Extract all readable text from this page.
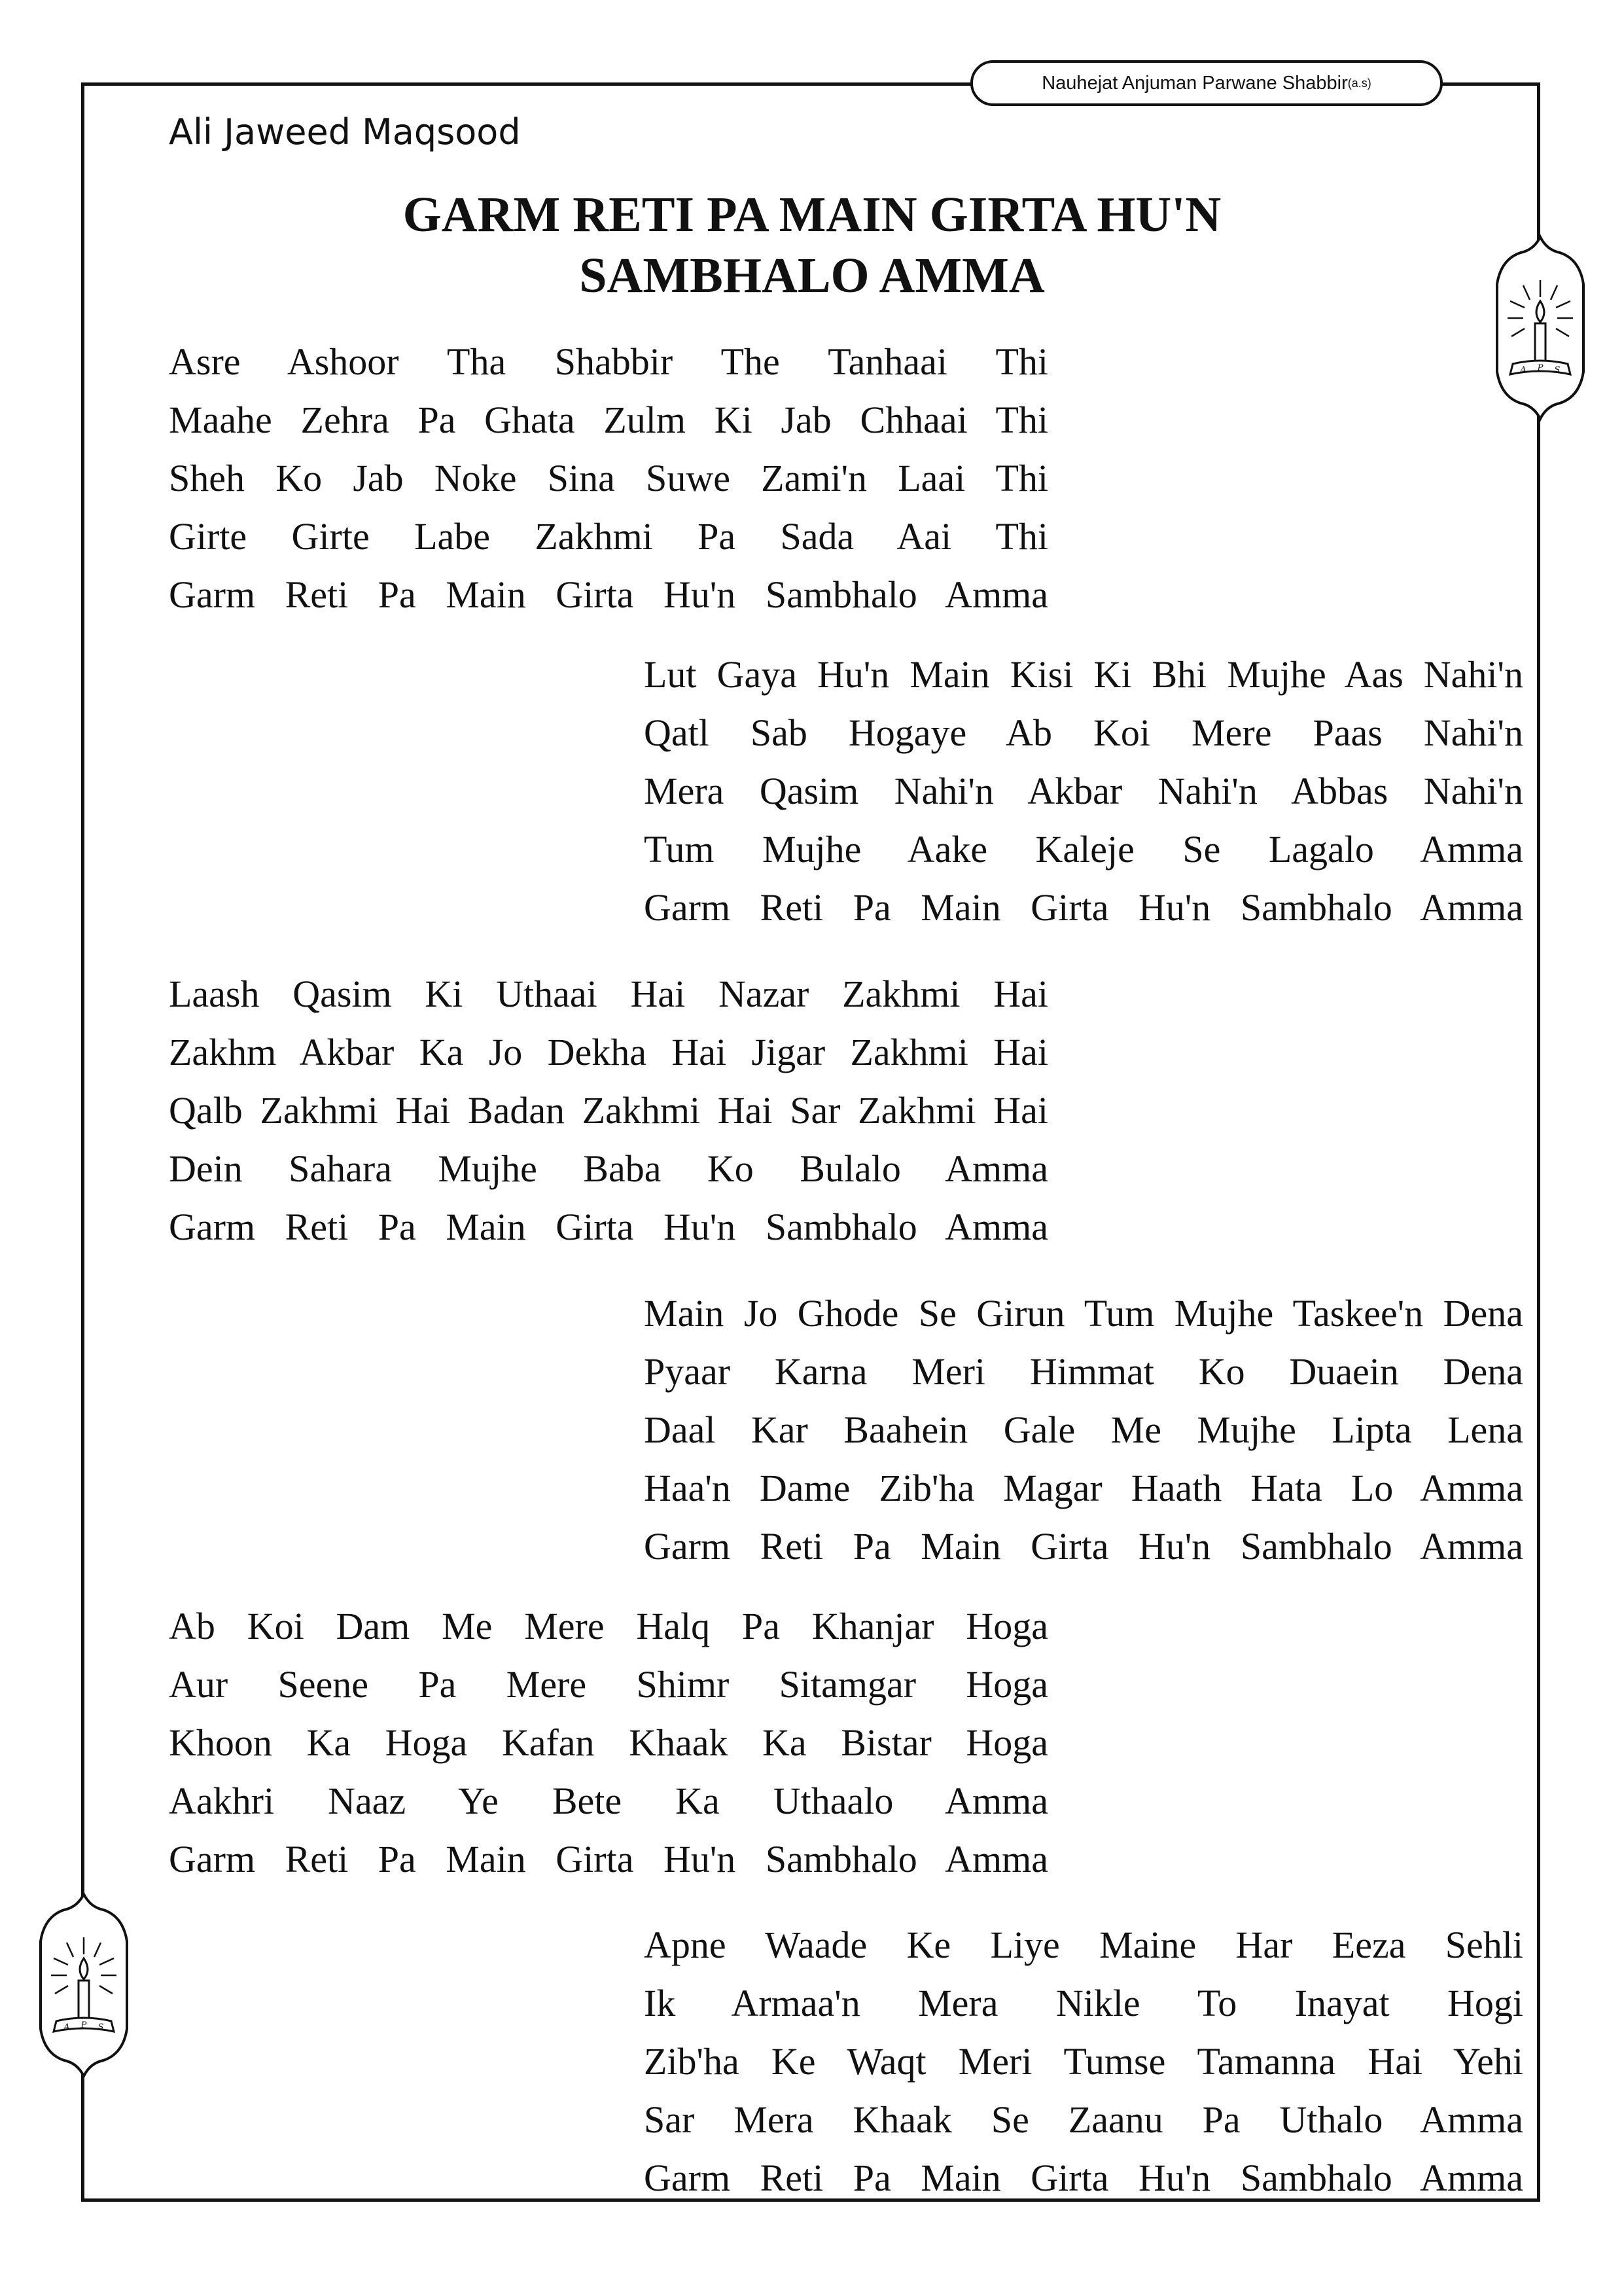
Nauhejat Anjuman Parwane Shabbir (a.s)
Ali Jaweed Maqsood
GARM RETI PA MAIN GIRTA HU'N
SAMBHALO AMMA
Asre Ashoor Tha Shabbir The Tanhaai Thi
Maahe Zehra Pa Ghata Zulm Ki Jab Chhaai Thi
Sheh Ko Jab Noke Sina Suwe Zami'n Laai Thi
Girte Girte Labe Zakhmi Pa Sada Aai Thi
Garm Reti Pa Main Girta Hu'n Sambhalo Amma
Lut Gaya Hu'n Main Kisi Ki Bhi Mujhe Aas Nahi'n
Qatl Sab Hogaye Ab Koi Mere Paas Nahi'n
Mera Qasim Nahi'n Akbar Nahi'n Abbas Nahi'n
Tum Mujhe Aake Kaleje Se Lagalo Amma
Garm Reti Pa Main Girta Hu'n Sambhalo Amma
Laash Qasim Ki Uthaai Hai Nazar Zakhmi Hai
Zakhm Akbar Ka Jo Dekha Hai Jigar Zakhmi Hai
Qalb Zakhmi Hai Badan Zakhmi Hai Sar Zakhmi Hai
Dein Sahara Mujhe Baba Ko Bulalo Amma
Garm Reti Pa Main Girta Hu'n Sambhalo Amma
Main Jo Ghode Se Girun Tum Mujhe Taskee'n Dena
Pyaar Karna Meri Himmat Ko Duaein Dena
Daal Kar Baahein Gale Me Mujhe Lipta Lena
Haa'n Dame Zib'ha Magar Haath Hata Lo Amma
Garm Reti Pa Main Girta Hu'n Sambhalo Amma
Ab Koi Dam Me Mere Halq Pa Khanjar Hoga
Aur Seene Pa Mere Shimr Sitamgar Hoga
Khoon Ka Hoga Kafan Khaak Ka Bistar Hoga
Aakhri Naaz Ye Bete Ka Uthaalo Amma
Garm Reti Pa Main Girta Hu'n Sambhalo Amma
Apne Waade Ke Liye Maine Har Eeza Sehli
Ik Armaa'n Mera Nikle To Inayat Hogi
Zib'ha Ke Waqt Meri Tumse Tamanna Hai Yehi
Sar Mera Khaak Se Zaanu Pa Uthalo Amma
Garm Reti Pa Main Girta Hu'n Sambhalo Amma
A P S
A P S
